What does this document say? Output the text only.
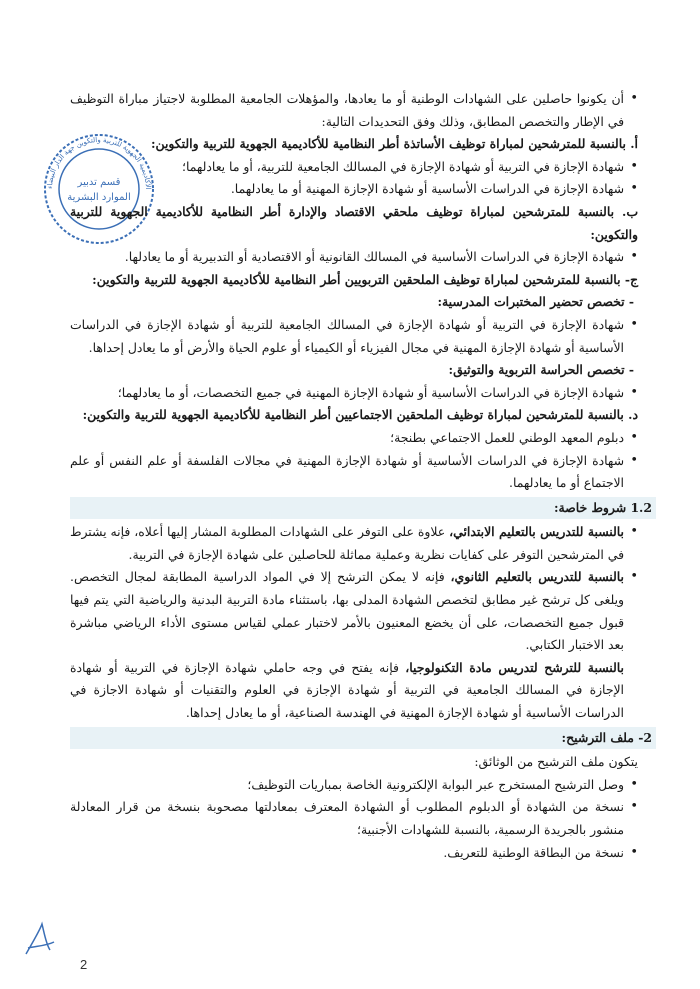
الأكاديمية الجهوية للتربية والتكوين جهة الدار البيضاء
قسم تدبير
الموارد البشرية
• أن يكونوا حاصلين على الشهادات الوطنية أو ما يعادها، والمؤهلات الجامعية المطلوبة لاجتياز مباراة التوظيف في الإطار والتخصص المطابق، وذلك وفق التحديدات التالية:
أ. بالنسبة للمترشحين لمباراة توظيف الأساتذة أطر النظامية للأكاديمية الجهوية للتربية والتكوين:
• شهادة الإجازة في التربية أو شهادة الإجازة في المسالك الجامعية للتربية، أو ما يعادلهما؛
• شهادة الإجازة في الدراسات الأساسية أو شهادة الإجازة المهنية أو ما يعادلهما.
ب. بالنسبة للمترشحين لمباراة توظيف ملحقي الاقتصاد والإدارة أطر النظامية للأكاديمية الجهوية للتربية والتكوين:
• شهادة الإجازة في الدراسات الأساسية في المسالك القانونية أو الاقتصادية أو التدبيرية أو ما يعادلها.
ج- بالنسبة للمترشحين لمباراة توظيف الملحقين التربويين أطر النظامية للأكاديمية الجهوية للتربية والتكوين:
- تخصص تحضير المختبرات المدرسية:
• شهادة الإجازة في التربية أو شهادة الإجازة في المسالك الجامعية للتربية أو شهادة الإجازة في الدراسات الأساسية أو شهادة الإجازة المهنية في مجال الفيزياء أو الكيمياء أو علوم الحياة والأرض أو ما يعادل إحداها.
- تخصص الحراسة التربوية والتوثيق:
• شهادة الإجازة في الدراسات الأساسية أو شهادة الإجازة المهنية في جميع التخصصات، أو ما يعادلهما؛
د. بالنسبة للمترشحين لمباراة توظيف الملحقين الاجتماعيين أطر النظامية للأكاديمية الجهوية للتربية والتكوين:
• دبلوم المعهد الوطني للعمل الاجتماعي بطنجة؛
• شهادة الإجازة في الدراسات الأساسية أو شهادة الإجازة المهنية في مجالات الفلسفة أو علم النفس أو علم الاجتماع أو ما يعادلهما.
1.2 شروط خاصة:
• بالنسبة للتدريس بالتعليم الابتدائي، علاوة على التوفر على الشهادات المطلوبة المشار إليها أعلاه، فإنه يشترط في المترشحين التوفر على كفايات نظرية وعملية مماثلة للحاصلين على شهادة الإجازة في التربية.
• بالنسبة للتدريس بالتعليم الثانوي، فإنه لا يمكن الترشح إلا في المواد الدراسية المطابقة لمجال التخصص. ويلغى كل ترشح غير مطابق لتخصص الشهادة المدلى بها، باستثناء مادة التربية البدنية والرياضية التي يتم فيها قبول جميع التخصصات، على أن يخضع المعنيون بالأمر لاختبار عملي لقياس مستوى الأداء الرياضي مباشرة بعد الاختبار الكتابي.
بالنسبة للترشح لتدريس مادة التكنولوجيا، فإنه يفتح في وجه حاملي شهادة الإجازة في التربية أو شهادة الإجازة في المسالك الجامعية في التربية أو شهادة الإجازة في العلوم والتقنيات أو شهادة الاجازة في الدراسات الأساسية أو شهادة الإجازة المهنية في الهندسة الصناعية، أو ما يعادل إحداها.
2- ملف الترشيح:
يتكون ملف الترشيح من الوثائق:
• وصل الترشيح المستخرج عبر البوابة الإلكترونية الخاصة بمباريات التوظيف؛
• نسخة من الشهادة أو الدبلوم المطلوب أو الشهادة المعترف بمعادلتها مصحوبة بنسخة من قرار المعادلة منشور بالجريدة الرسمية، بالنسبة للشهادات الأجنبية؛
• نسخة من البطاقة الوطنية للتعريف.
2
